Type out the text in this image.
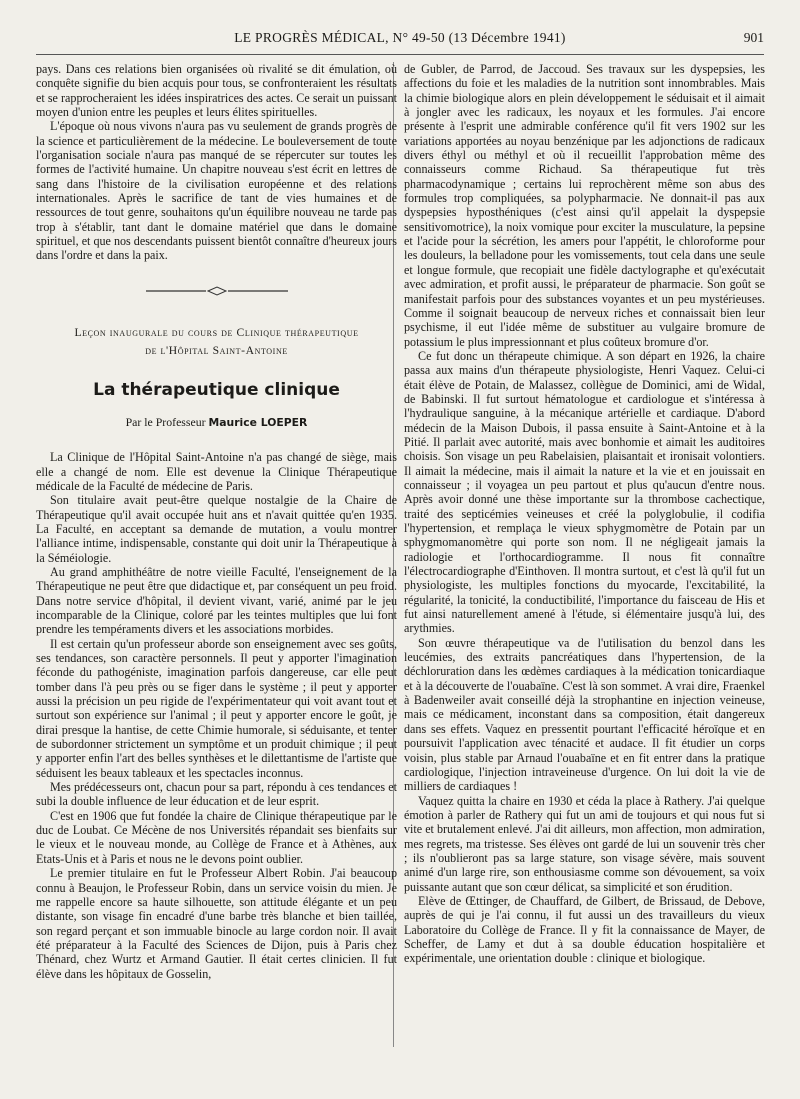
LE PROGRÈS MÉDICAL, N° 49-50 (13 Décembre 1941)	901

pays. Dans ces relations bien organisées où rivalité se dit émulation, où conquête signifie du bien acquis pour tous, se confronteraient les résultats et se rapprocheraient les idées inspiratrices des actes. Ce serait un puissant moyen d'union entre les peuples et leurs élites spirituelles.

L'époque où nous vivons n'aura pas vu seulement de grands progrès de la science et particulièrement de la médecine. Le bouleversement de toute l'organisation sociale n'aura pas manqué de se répercuter sur toutes les formes de l'activité humaine. Un chapitre nouveau s'est écrit en lettres de sang dans l'histoire de la civilisation européenne et des relations internationales. Après le sacrifice de tant de vies humaines et de ressources de tout genre, souhaitons qu'un équilibre nouveau ne tarde pas trop à s'établir, tant dant le domaine matériel que dans le domaine spirituel, et que nos descendants puissent bientôt connaître d'heureux jours dans l'ordre et dans la paix.

Leçon inaugurale du cours de Clinique thérapeutique
de l'Hôpital Saint-Antoine
La thérapeutique clinique
Par le Professeur Maurice LOEPER

La Clinique de l'Hôpital Saint-Antoine n'a pas changé de siège, mais elle a changé de nom. Elle est devenue la Clinique Thérapeutique médicale de la Faculté de médecine de Paris.

Son titulaire avait peut-être quelque nostalgie de la Chaire de Thérapeutique qu'il avait occupée huit ans et n'avait quittée qu'en 1935. La Faculté, en acceptant sa demande de mutation, a voulu montrer l'alliance intime, indispensable, constante qui doit unir la Thérapeutique à la Séméiologie.

Au grand amphithéâtre de notre vieille Faculté, l'enseignement de la Thérapeutique ne peut être que didactique et, par conséquent un peu froid. Dans notre service d'hôpital, il devient vivant, varié, animé par le jeu incomparable de la Clinique, coloré par les teintes multiples que lui font prendre les tempéraments divers et les associations morbides.

Il est certain qu'un professeur aborde son enseignement avec ses goûts, ses tendances, son caractère personnels. Il peut y apporter l'imagination féconde du pathogéniste, imagination parfois dangereuse, car elle peut tomber dans l'à peu près ou se figer dans le système ; il peut y apporter aussi la précision un peu rigide de l'expérimentateur qui voit avant tout et surtout son expérience sur l'animal ; il peut y apporter encore le goût, je dirai presque la hantise, de cette Chimie humorale, si séduisante, et tenter de subordonner strictement un symptôme et un produit chimique ; il peut y apporter enfin l'art des belles synthèses et le dilettantisme de l'artiste que séduisent les beaux tableaux et les spectacles inconnus.

Mes prédécesseurs ont, chacun pour sa part, répondu à ces tendances et subi la double influence de leur éducation et de leur esprit.

C'est en 1906 que fut fondée la chaire de Clinique thérapeutique par le duc de Loubat. Ce Mécène de nos Universités répandait ses bienfaits sur le vieux et le nouveau monde, au Collège de France et à Athènes, aux Etats-Unis et à Paris et nous ne le devons point oublier.

Le premier titulaire en fut le Professeur Albert Robin. J'ai beaucoup connu à Beaujon, le Professeur Robin, dans un service voisin du mien. Je me rappelle encore sa haute silhouette, son attitude élégante et un peu distante, son visage fin encadré d'une barbe très blanche et bien taillée, son regard perçant et son immuable binocle au large cordon noir. Il avait été préparateur à la Faculté des Sciences de Dijon, puis à Paris chez Thénard, chez Wurtz et Armand Gautier. Il était certes clinicien. Il fut élève dans les hôpitaux de Gosselin,

de Gubler, de Parrod, de Jaccoud. Ses travaux sur les dyspepsies, les affections du foie et les maladies de la nutrition sont innombrables. Mais la chimie biologique alors en plein développement le séduisait et il aimait à jongler avec les radicaux, les noyaux et les formules. J'ai encore présente à l'esprit une admirable conférence qu'il fit vers 1902 sur les variations apportées au noyau benzénique par les adjonctions de radicaux divers éthyl ou méthyl et où il recueillit l'approbation même des connaisseurs comme Richaud. Sa thérapeutique fut très pharmacodynamique ; certains lui reprochèrent même son abus des formules trop compliquées, sa polypharmacie. Ne donnait-il pas aux dyspepsies hyposthéniques (c'est ainsi qu'il appelait la dyspepsie sensitivomotrice), la noix vomique pour exciter la musculature, la pepsine et l'acide pour la sécrétion, les amers pour l'appétit, le chloroforme pour les douleurs, la belladone pour les vomissements, tout cela dans une seule et longue formule, que recopiait une fidèle dactylographe et qu'exécutait avec admiration, et profit aussi, le préparateur de pharmacie. Son goût se manifestait parfois pour des substances voyantes et un peu mystérieuses. Comme il soignait beaucoup de nerveux riches et connaissait bien leur psychisme, il eut l'idée même de substituer au vulgaire bromure de potassium le plus impressionnant et plus coûteux bromure d'or.

Ce fut donc un thérapeute chimique. A son départ en 1926, la chaire passa aux mains d'un thérapeute physiologiste, Henri Vaquez. Celui-ci était élève de Potain, de Malassez, collègue de Dominici, ami de Widal, de Babinski. Il fut surtout hématologue et cardiologue et s'intéressa à l'hydraulique sanguine, à la mécanique artérielle et cardiaque. D'abord médecin de la Maison Dubois, il passa ensuite à Saint-Antoine et à la Pitié. Il parlait avec autorité, mais avec bonhomie et aimait les auditoires choisis. Son visage un peu Rabelaisien, plaisantait et ironisait volontiers. Il aimait la médecine, mais il aimait la nature et la vie et en jouissait en connaisseur ; il voyagea un peu partout et plus qu'aucun d'entre nous. Après avoir donné une thèse importante sur la thrombose cachectique, traité des septicémies veineuses et créé la polyglobulie, il codifia l'hypertension, et remplaça le vieux sphygmomètre de Potain par un sphygmomanomètre qui porte son nom. Il ne négligeait jamais la radiologie et l'orthocardiogramme. Il nous fit connaître l'électrocardiographe d'Einthoven. Il montra surtout, et c'est là qu'il fut un physiologiste, les multiples fonctions du myocarde, l'excitabilité, la régularité, la tonicité, la conductibilité, l'importance du faisceau de His et fut ainsi naturellement amené à l'étude, si élémentaire jusqu'à lui, des arythmies.

Son œuvre thérapeutique va de l'utilisation du benzol dans les leucémies, des extraits pancréatiques dans l'hypertension, de la déchloruration dans les œdèmes cardiaques à la médication tonicardiaque et à la découverte de l'ouabaïne. C'est là son sommet. A vrai dire, Fraenkel à Badenweiler avait conseillé déjà la strophantine en injection veineuse, mais ce médicament, inconstant dans sa composition, était dangereux dans ses effets. Vaquez en pressentit pourtant l'efficacité héroïque et en poursuivit l'application avec ténacité et audace. Il fit étudier un corps voisin, plus stable par Arnaud l'ouabaïne et en fit entrer dans la pratique cardiologique, l'injection intraveineuse d'urgence. On lui doit la vie de milliers de cardiaques !

Vaquez quitta la chaire en 1930 et céda la place à Rathery. J'ai quelque émotion à parler de Rathery qui fut un ami de toujours et qui nous fut si vite et brutalement enlevé. J'ai dit ailleurs, mon affection, mon admiration, mes regrets, ma tristesse. Ses élèves ont gardé de lui un souvenir très cher ; ils n'oublieront pas sa large stature, son visage sévère, mais souvent animé d'un large rire, son enthousiasme comme son dévouement, sa voix puissante autant que son cœur délicat, sa simplicité et son érudition.

Elève de Œttinger, de Chauffard, de Gilbert, de Brissaud, de Debove, auprès de qui je l'ai connu, il fut aussi un des travailleurs du vieux Laboratoire du Collège de France. Il y fit la connaissance de Mayer, de Scheffer, de Lamy et dut à sa double éducation hospitalière et expérimentale, une orientation double : clinique et biologique.
